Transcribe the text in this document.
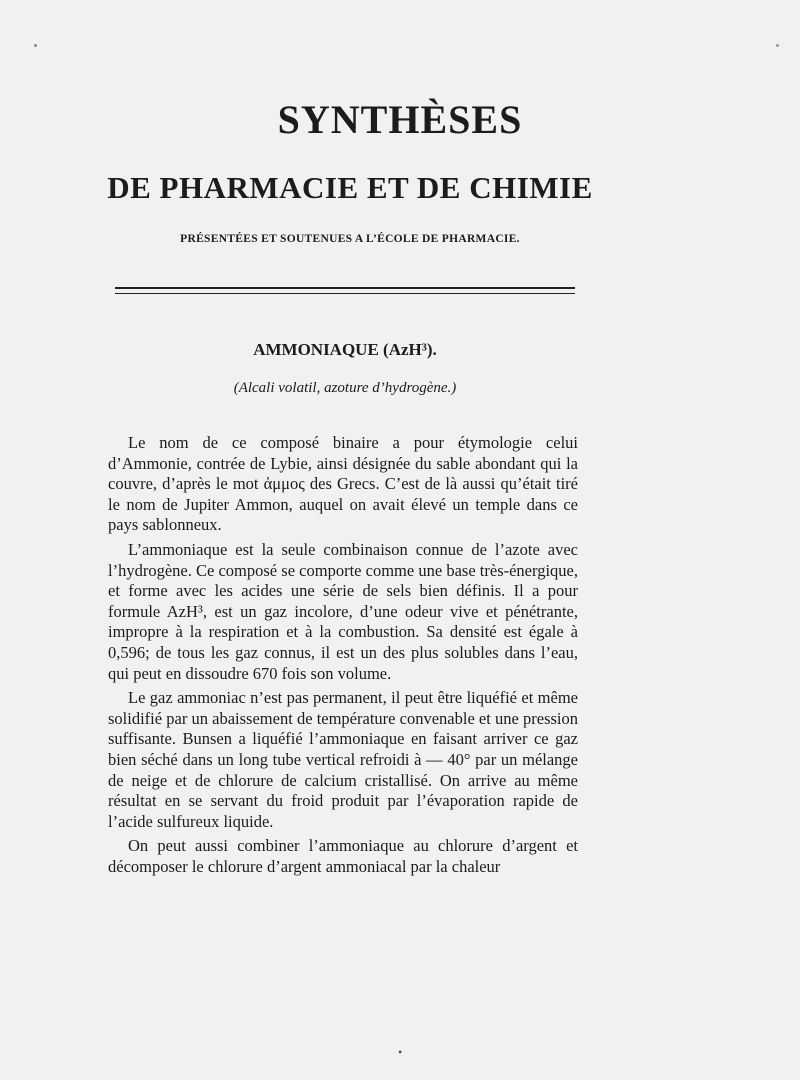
SYNTHÈSES
DE PHARMACIE ET DE CHIMIE
PRÉSENTÉES ET SOUTENUES A L’ÉCOLE DE PHARMACIE.
AMMONIAQUE (AzH³).
(Alcali volatil, azoture d’hydrogène.)

Le nom de ce composé binaire a pour étymologie celui d’Ammonie, contrée de Lybie, ainsi désignée du sable abondant qui la couvre, d’après le mot ἀμμος des Grecs. C’est de là aussi qu’était tiré le nom de Jupiter Ammon, auquel on avait élevé un temple dans ce pays sablonneux.

L’ammoniaque est la seule combinaison connue de l’azote avec l’hydrogène. Ce composé se comporte comme une base très-énergique, et forme avec les acides une série de sels bien définis. Il a pour formule AzH³, est un gaz incolore, d’une odeur vive et pénétrante, impropre à la respiration et à la combustion. Sa densité est égale à 0,596; de tous les gaz connus, il est un des plus solubles dans l’eau, qui peut en dissoudre 670 fois son volume.

Le gaz ammoniac n’est pas permanent, il peut être liquéfié et même solidifié par un abaissement de température convenable et une pression suffisante. Bunsen a liquéfié l’ammoniaque en faisant arriver ce gaz bien séché dans un long tube vertical refroidi à — 40° par un mélange de neige et de chlorure de calcium cristallisé. On arrive au même résultat en se servant du froid produit par l’évaporation rapide de l’acide sulfureux liquide.

On peut aussi combiner l’ammoniaque au chlorure d’argent et décomposer le chlorure d’argent ammoniacal par la chaleur

•
